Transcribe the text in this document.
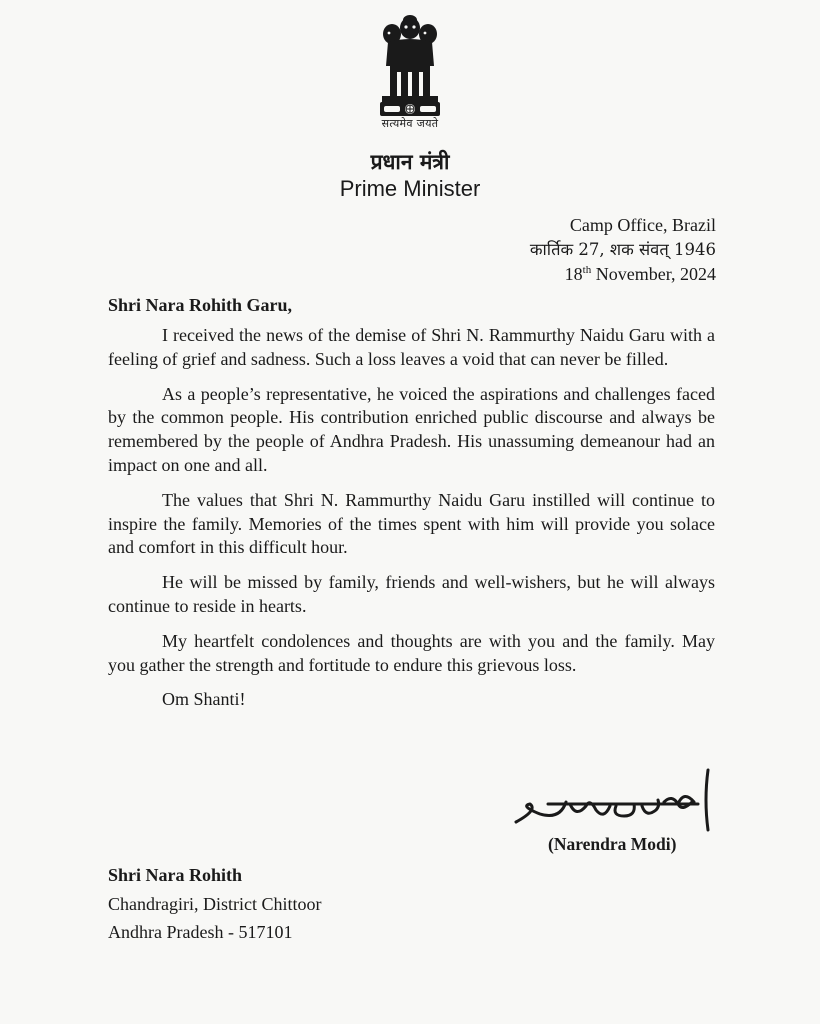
सत्यमेव जयते
प्रधान मंत्री
Prime Minister
Camp Office, Brazil
कार्तिक 27, शक संवत् 1946
18th November, 2024
Shri Nara Rohith Garu,

I received the news of the demise of Shri N. Rammurthy Naidu Garu with a feeling of grief and sadness. Such a loss leaves a void that can never be filled.

As a people’s representative, he voiced the aspirations and challenges faced by the common people. His contribution enriched public discourse and always be remembered by the people of Andhra Pradesh. His unassuming demeanour had an impact on one and all.

The values that Shri N. Rammurthy Naidu Garu instilled will continue to inspire the family. Memories of the times spent with him will provide you solace and comfort in this difficult hour.

He will be missed by family, friends and well-wishers, but he will always continue to reside in hearts.

My heartfelt condolences and thoughts are with you and the family. May you gather the strength and fortitude to endure this grievous loss.

Om Shanti!

(Narendra Modi)
Shri Nara Rohith
Chandragiri, District Chittoor
Andhra Pradesh - 517101
